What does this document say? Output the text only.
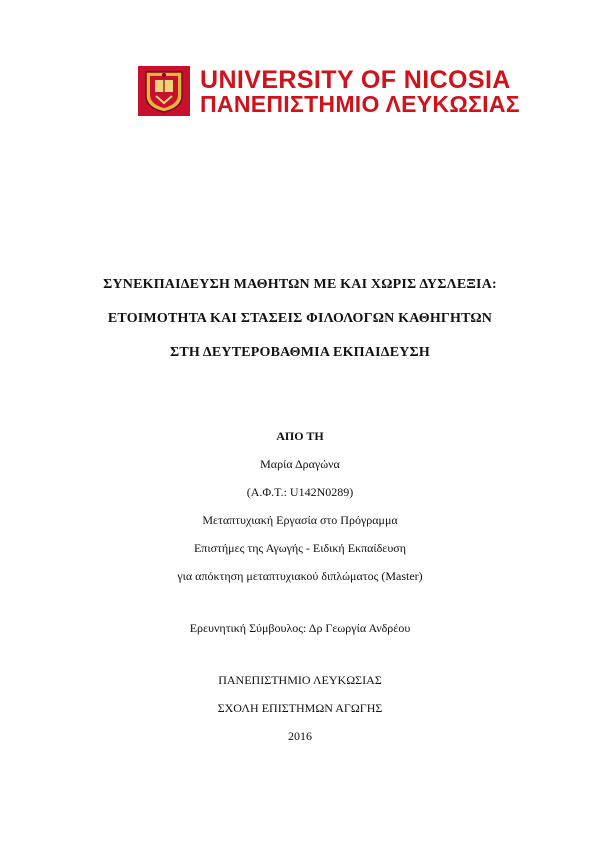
UNIVERSITY OF NICOSIA
ΠΑΝΕΠΙΣΤΗΜΙΟ ΛΕΥΚΩΣΙΑΣ

ΣΥΝΕΚΠΑΙΔΕΥΣΗ ΜΑΘΗΤΩΝ ΜΕ ΚΑΙ ΧΩΡΙΣ ΔΥΣΛΕΞΙΑ:

ΕΤΟΙΜΟΤΗΤΑ ΚΑΙ ΣΤΑΣΕΙΣ ΦΙΛΟΛΟΓΩΝ ΚΑΘΗΓΗΤΩΝ

ΣΤΗ ΔΕΥΤΕΡΟΒΑΘΜΙΑ ΕΚΠΑΙΔΕΥΣΗ

ΑΠΟ ΤΗ

Μαρία Δραγώνα

(Α.Φ.Τ.: U142N0289)

Μεταπτυχιακή Εργασία στο Πρόγραμμα

Επιστήμες της Αγωγής - Ειδική Εκπαίδευση

για απόκτηση μεταπτυχιακού διπλώματος (Master)

Ερευνητική Σύμβουλος: Δρ Γεωργία Ανδρέου

ΠΑΝΕΠΙΣΤΗΜΙΟ ΛΕΥΚΩΣΙΑΣ

ΣΧΟΛΗ ΕΠΙΣΤΗΜΩΝ ΑΓΩΓΗΣ

2016
